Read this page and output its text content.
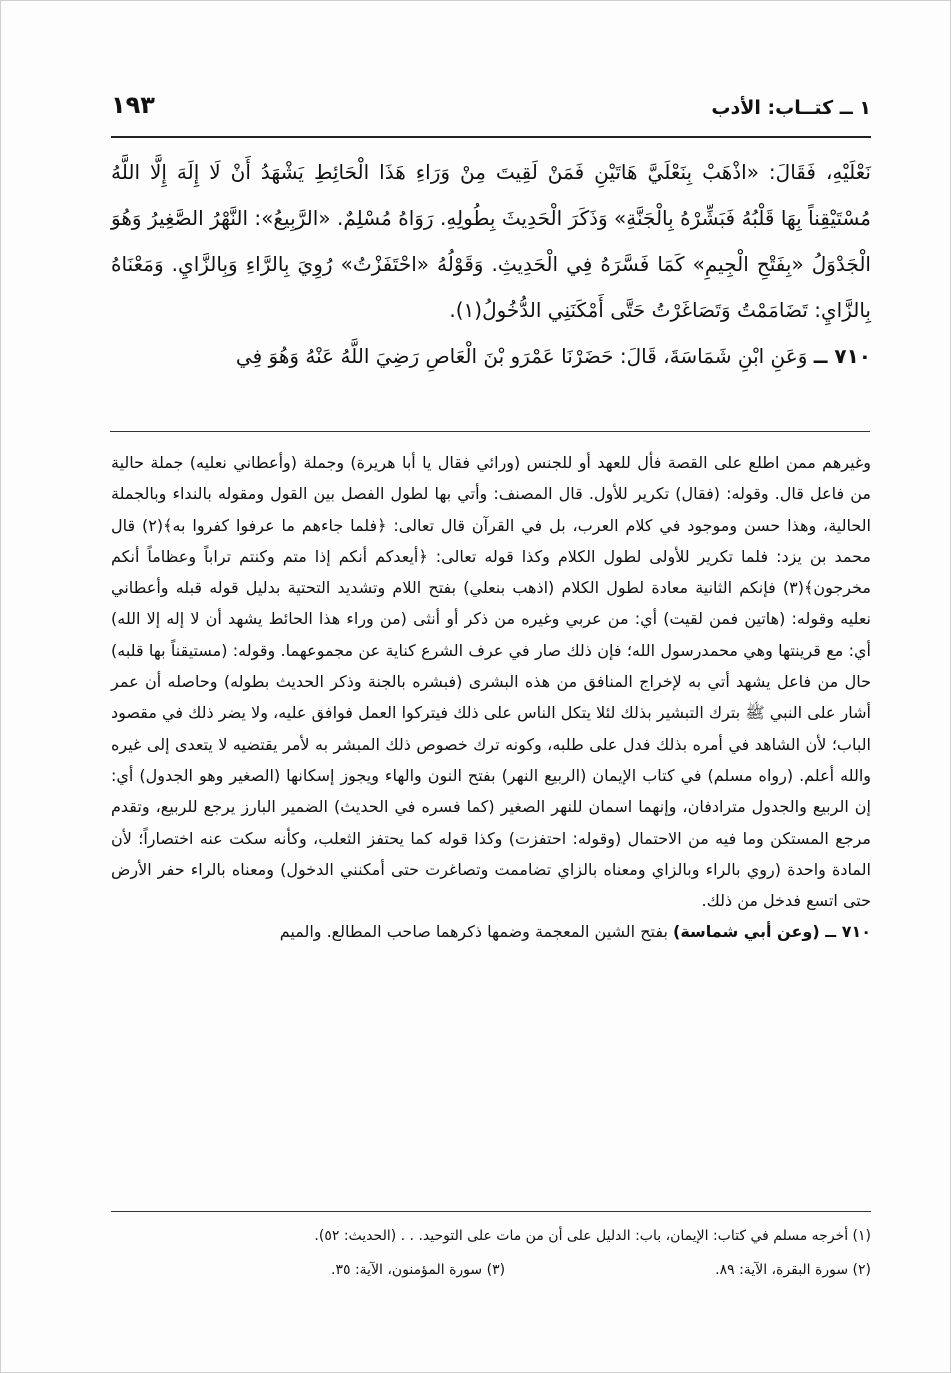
١ ــ كتــاب: الأدب
١٩٣

نَعْلَيْهِ، فَقَالَ: «اذْهَبْ بِنَعْلَيَّ هَاتَيْنِ فَمَنْ لَقِيتَ مِنْ وَرَاءِ هَذَا الْحَائِطِ يَشْهَدُ أَنْ لَا إِلَهَ إِلَّا اللَّهُ مُسْتَيْقِناً بِهَا قَلْبُهُ فَبَشِّرْهُ بِالْجَنَّةِ» وَذَكَرَ الْحَدِيثَ بِطُولِهِ. رَوَاهُ مُسْلِمٌ. «الرَّبِيعُ»: النَّهْرُ الصَّغِيرُ وَهُوَ الْجَدْوَلُ «بِفَتْحِ الْجِيمِ» كَمَا فَسَّرَهُ فِي الْحَدِيثِ. وَقَوْلُهُ «احْتَفَزْتُ» رُوِيَ بِالرَّاءِ وَبِالزَّايِ. وَمَعْنَاهُ بِالزَّايِ: تَضَامَمْتُ وَتَصَاغَرْتُ حَتَّى أَمْكَنَنِي الدُّخُولُ(١).

٧١٠ ــ وَعَنِ ابْنِ شَمَاسَةَ، قَالَ: حَضَرْنَا عَمْرَو بْنَ الْعَاصِ رَضِيَ اللَّهُ عَنْهُ وَهُوَ فِي

وغيرهم ممن اطلع على القصة فأل للعهد أو للجنس (ورائي فقال يا أبا هريرة) وجملة (وأعطاني نعليه) جملة حالية من فاعل قال. وقوله: (فقال) تكرير للأول. قال المصنف: وأتي بها لطول الفصل بين القول ومقوله بالنداء وبالجملة الحالية، وهذا حسن وموجود في كلام العرب، بل في القرآن قال تعالى: ﴿فلما جاءهم ما عرفوا كفروا به﴾(٢) قال محمد بن يزد: فلما تكرير للأولى لطول الكلام وكذا قوله تعالى: ﴿أيعدكم أنكم إذا متم وكنتم تراباً وعظاماً أنكم مخرجون﴾(٣) فإنكم الثانية معادة لطول الكلام (اذهب بنعلي) بفتح اللام وتشديد التحتية بدليل قوله قبله وأعطاني نعليه وقوله: (هاتين فمن لقيت) أي: من عربي وغيره من ذكر أو أنثى (من وراء هذا الحائط يشهد أن لا إله إلا الله) أي: مع قرينتها وهي محمدرسول الله؛ فإن ذلك صار في عرف الشرع كناية عن مجموعهما. وقوله: (مستيقناً بها قلبه) حال من فاعل يشهد أتي به لإخراج المنافق من هذه البشرى (فبشره بالجنة وذكر الحديث بطوله) وحاصله أن عمر أشار على النبي ﷺ بترك التبشير بذلك لئلا يتكل الناس على ذلك فيتركوا العمل فوافق عليه، ولا يضر ذلك في مقصود الباب؛ لأن الشاهد في أمره بذلك فدل على طلبه، وكونه ترك خصوص ذلك المبشر به لأمر يقتضيه لا يتعدى إلى غيره والله أعلم. (رواه مسلم) في كتاب الإيمان (الربيع النهر) بفتح النون والهاء ويجوز إسكانها (الصغير وهو الجدول) أي: إن الربيع والجدول مترادفان، وإنهما اسمان للنهر الصغير (كما فسره في الحديث) الضمير البارز يرجع للربيع، وتقدم مرجع المستكن وما فيه من الاحتمال (وقوله: احتفزت) وكذا قوله كما يحتفز الثعلب، وكأنه سكت عنه اختصاراً؛ لأن المادة واحدة (روي بالراء وبالزاي ومعناه بالزاي تضاممت وتصاغرت حتى أمكنني الدخول) ومعناه بالراء حفر الأرض حتى اتسع فدخل من ذلك.

٧١٠ ــ (وعن أبي شماسة) بفتح الشين المعجمة وضمها ذكرهما صاحب المطالع. والميم

(١) أخرجه مسلم في كتاب: الإيمان، باب: الدليل على أن من مات على التوحيد. . . (الحديث: ٥٢).
(٢) سورة البقرة، الآية: ٨٩.
(٣) سورة المؤمنون، الآية: ٣٥.
